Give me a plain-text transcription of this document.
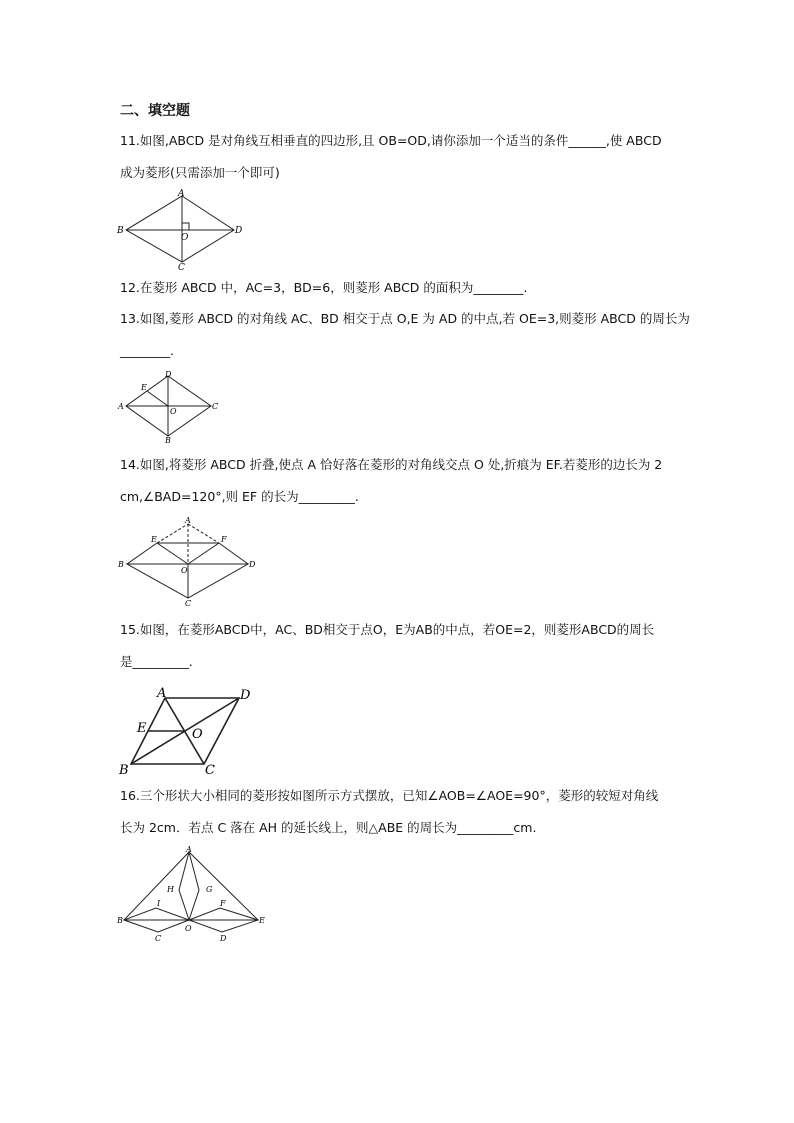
二、填空题
11.如图,ABCD 是对角线互相垂直的四边形,且 OB=OD,请你添加一个适当的条件______,使 ABCD
成为菱形(只需添加一个即可)
A
B
C
D
O
12.在菱形 ABCD 中，AC=3，BD=6，则菱形 ABCD 的面积为________.
13.如图,菱形 ABCD 的对角线 AC、BD 相交于点 O,E 为 AD 的中点,若 OE=3,则菱形 ABCD 的周长为
________.
D
A	C
B
E
O
14.如图,将菱形 ABCD 折叠,使点 A 恰好落在菱形的对角线交点 O 处,折痕为 EF.若菱形的边长为 2
cm,∠BAD=120°,则 EF 的长为_________.
A
B
C
D
E	F
O
15.如图，在菱形ABCD中，AC、BD相交于点O，E为AB的中点，若OE=2，则菱形ABCD的周长
是_________.
A	D
E	O
B	C
16.三个形状大小相同的菱形按如图所示方式摆放，已知∠AOB=∠AOE=90°，菱形的较短对角线
长为 2cm．若点 C 落在 AH 的延长线上，则△ABE 的周长为_________cm.
A
B	E
H	G
I	F
O
C	D
